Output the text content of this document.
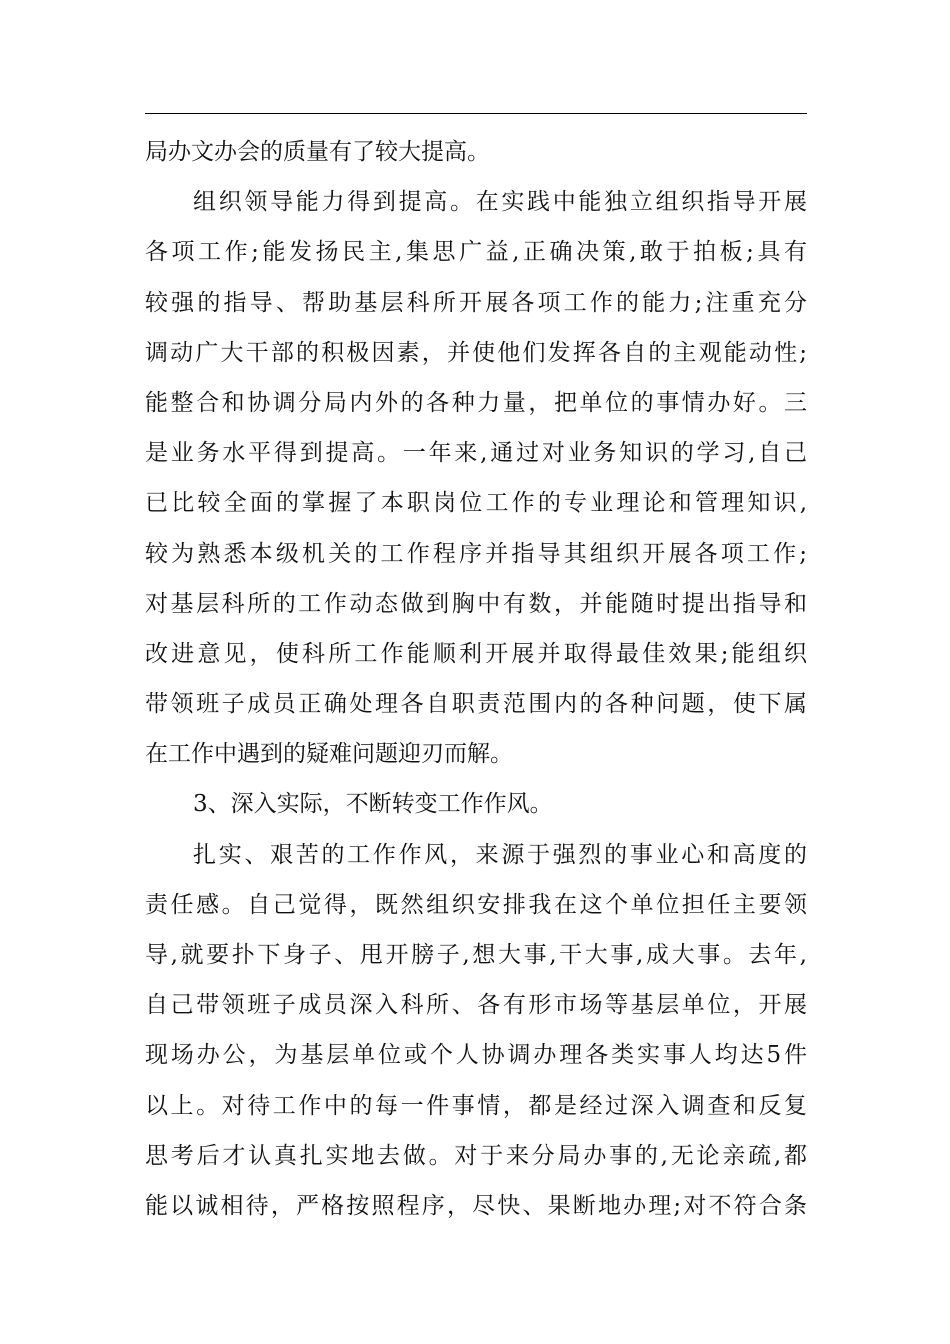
局办文办会的质量有了较大提高。
组织领导能力得到提高。在实践中能独立组织指导开展
各项工作;能发扬民主,集思广益,正确决策,敢于拍板;具有
较强的指导、帮助基层科所开展各项工作的能力;注重充分
调动广大干部的积极因素，并使他们发挥各自的主观能动性;
能整合和协调分局内外的各种力量，把单位的事情办好。三
是业务水平得到提高。一年来,通过对业务知识的学习,自己
已比较全面的掌握了本职岗位工作的专业理论和管理知识,
较为熟悉本级机关的工作程序并指导其组织开展各项工作;
对基层科所的工作动态做到胸中有数，并能随时提出指导和
改进意见，使科所工作能顺利开展并取得最佳效果;能组织
带领班子成员正确处理各自职责范围内的各种问题，使下属
在工作中遇到的疑难问题迎刃而解。
3、深入实际，不断转变工作作风。
扎实、艰苦的工作作风，来源于强烈的事业心和高度的
责任感。自己觉得，既然组织安排我在这个单位担任主要领
导,就要扑下身子、甩开膀子,想大事,干大事,成大事。去年,
自己带领班子成员深入科所、各有形市场等基层单位，开展
现场办公，为基层单位或个人协调办理各类实事人均达5件
以上。对待工作中的每一件事情，都是经过深入调查和反复
思考后才认真扎实地去做。对于来分局办事的,无论亲疏,都
能以诚相待，严格按照程序，尽快、果断地办理;对不符合条
